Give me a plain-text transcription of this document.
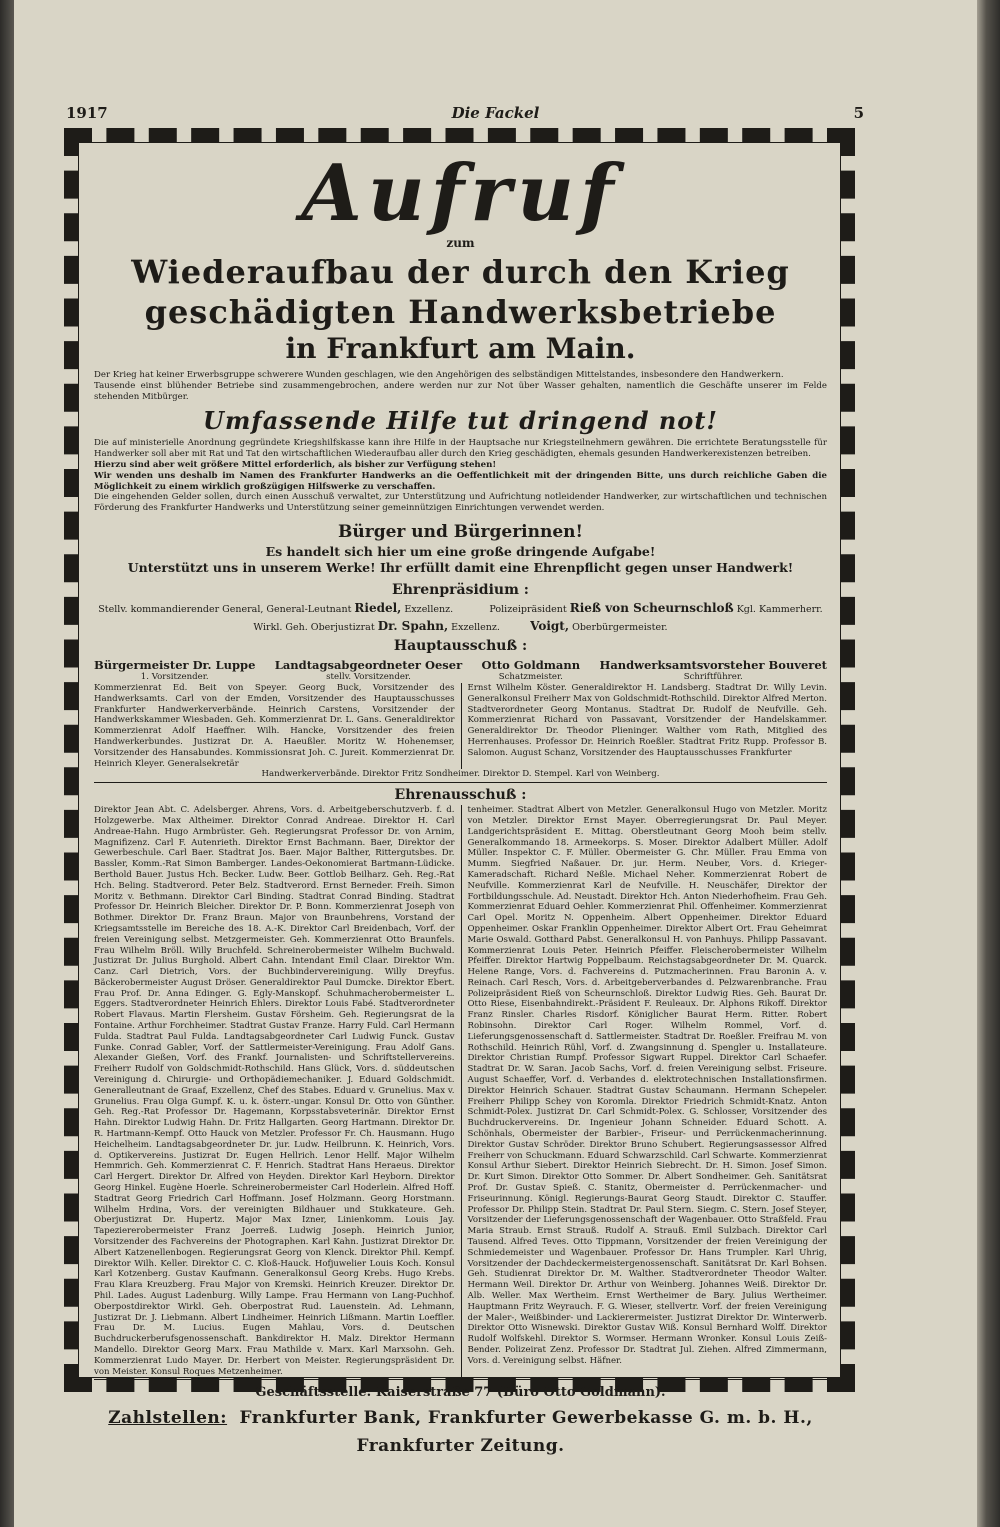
1917	Die Fackel	5
Aufruf
zum
Wiederaufbau der durch den Krieg
geschädigten Handwerksbetriebe
in Frankfurt am Main.

Der Krieg hat keiner Erwerbsgruppe schwerere Wunden geschlagen, wie den Angehörigen des selbständigen Mittelstandes, insbesondere den Handwerkern.

Tausende einst blühender Betriebe sind zusammengebrochen, andere werden nur zur Not über Wasser gehalten, namentlich die Geschäfte unserer im Felde stehenden Mitbürger.

Umfassende Hilfe tut dringend not!

Die auf ministerielle Anordnung gegründete Kriegshilfskasse kann ihre Hilfe in der Hauptsache nur Kriegsteilnehmern gewähren. Die errichtete Beratungsstelle für Handwerker soll aber mit Rat und Tat den wirtschaftlichen Wiederaufbau aller durch den Krieg geschädigten, ehemals gesunden Handwerkerexistenzen betreiben.

Hierzu sind aber weit größere Mittel erforderlich, als bisher zur Verfügung stehen!

Wir wenden uns deshalb im Namen des Frankfurter Handwerks an die Oeffentlichkeit mit der dringenden Bitte, uns durch reichliche Gaben die Möglichkeit zu einem wirklich großzügigen Hilfswerke zu verschaffen.

Die eingehenden Gelder sollen, durch einen Ausschuß verwaltet, zur Unterstützung und Aufrichtung notleidender Handwerker, zur wirtschaftlichen und technischen Förderung des Frankfurter Handwerks und Unterstützung seiner gemeinnützigen Einrichtungen verwendet werden.

Bürger und Bürgerinnen!
Es handelt sich hier um eine große dringende Aufgabe!
Unterstützt uns in unserem Werke! Ihr erfüllt damit eine Ehrenpflicht gegen unser Handwerk!
Ehrenpräsidium :
Stellv. kommandierender General, General-Leutnant Riedel, Exzellenz.	Polizeipräsident Rieß von Scheurnschloß Kgl. Kammerherr.
Wirkl. Geh. Oberjustizrat Dr. Spahn, Exzellenz.	Voigt, Oberbürgermeister.
Hauptausschuß :
Bürgermeister Dr. Luppe
1. Vorsitzender.
Landtagsabgeordneter Oeser
stellv. Vorsitzender.
Otto Goldmann
Schatzmeister.
Handwerksamtsvorsteher Bouveret
Schriftführer.

Kommerzienrat Ed. Beit von Speyer. Georg Buck, Vorsitzender des Handwerksamts. Carl von der Emden, Vorsitzender des Hauptausschusses Frankfurter Handwerkerverbände. Heinrich Carstens, Vorsitzender der Handwerkskammer Wiesbaden. Geh. Kommerzienrat Dr. L. Gans. Generaldirektor Kommerzienrat Adolf Haeffner. Wilh. Hancke, Vorsitzender des freien Handwerkerbundes. Justizrat Dr. A. Haeußler. Moritz W. Hohenemser, Vorsitzender des Hansabundes. Kommissionsrat Joh. C. Jureit. Kommerzienrat Dr. Heinrich Kleyer. Generalsekretär

Ernst Wilhelm Köster. Generaldirektor H. Landsberg. Stadtrat Dr. Willy Levin. Generalkonsul Freiherr Max von Goldschmidt-Rothschild. Direktor Alfred Merton. Stadtverordneter Georg Montanus. Stadtrat Dr. Rudolf de Neufville. Geh. Kommerzienrat Richard von Passavant, Vorsitzender der Handelskammer. Generaldirektor Dr. Theodor Plieninger. Walther vom Rath, Mitglied des Herrenhauses. Professor Dr. Heinrich Roeßler. Stadtrat Fritz Rupp. Professor B. Salomon. August Schanz, Vorsitzender des Hauptausschusses Frankfurter

Handwerkerverbände. Direktor Fritz Sondheimer. Direktor D. Stempel. Karl von Weinberg.
Ehrenausschuß :

Direktor Jean Abt. C. Adelsberger. Ahrens, Vors. d. Arbeitgeberschutzverb. f. d. Holzgewerbe. Max Altheimer. Direktor Conrad Andreae. Direktor H. Carl Andreae-Hahn. Hugo Armbrüster. Geh. Regierungsrat Professor Dr. von Arnim, Magnifizenz. Carl F. Autenrieth. Direktor Ernst Bachmann. Baer, Direktor der Gewerbeschule. Carl Baer. Stadtrat Jos. Baer. Major Balther, Rittergutsbes. Dr. Bassler, Komm.-Rat Simon Bamberger. Landes-Oekonomierat Bartmann-Lüdicke. Berthold Bauer. Justus Hch. Becker. Ludw. Beer. Gottlob Beilharz. Geh. Reg.-Rat Hch. Beling. Stadtverord. Peter Belz. Stadtverord. Ernst Berneder. Freih. Simon Moritz v. Bethmann. Direktor Carl Binding. Stadtrat Conrad Binding. Stadtrat Professor Dr. Heinrich Bleicher. Direktor Dr. P. Bonn. Kommerzienrat Joseph von Bothmer. Direktor Dr. Franz Braun. Major von Braunbehrens, Vorstand der Kriegsamtsstelle im Bereiche des 18. A.-K. Direktor Carl Breidenbach, Vorf. der freien Vereinigung selbst. Metzgermeister. Geh. Kommerzienrat Otto Braunfels. Frau Wilhelm Bröll. Willy Bruchfeld. Schreinerobermeister Wilhelm Buchwald. Justizrat Dr. Julius Burghold. Albert Cahn. Intendant Emil Claar. Direktor Wm. Canz. Carl Dietrich, Vors. der Buchbindervereinigung. Willy Dreyfus. Bäckerobermeister August Dröser. Generaldirektor Paul Dumcke. Direktor Ebert. Frau Prof. Dr. Anna Edinger. G. Egly-Manskopf. Schuhmacherobermeister L. Eggers. Stadtverordneter Heinrich Ehlers. Direktor Louis Fabé. Stadtverordneter Robert Flavaus. Martin Flersheim. Gustav Försheim. Geh. Regierungsrat de la Fontaine. Arthur Forchheimer. Stadtrat Gustav Franze. Harry Fuld. Carl Hermann Fulda. Stadtrat Paul Fulda. Landtagsabgeordneter Carl Ludwig Funck. Gustav Funke. Conrad Gabler, Vorf. der Sattlermeister-Vereinigung. Frau Adolf Gans. Alexander Gießen, Vorf. des Frankf. Journalisten- und Schriftstellervereins. Freiherr Rudolf von Goldschmidt-Rothschild. Hans Glück, Vors. d. süddeutschen Vereinigung d. Chirurgie- und Orthopädiemechaniker. J. Eduard Goldschmidt. Generalleutnant de Graaf, Exzellenz, Chef des Stabes. Eduard v. Grunelius. Max v. Grunelius. Frau Olga Gumpf. K. u. k. österr.-ungar. Konsul Dr. Otto von Günther. Geh. Reg.-Rat Professor Dr. Hagemann, Korpsstabsveterinär. Direktor Ernst Hahn. Direktor Ludwig Hahn. Dr. Fritz Hallgarten. Georg Hartmann. Direktor Dr. R. Hartmann-Kempf. Otto Hauck von Metzler. Professor Fr. Ch. Hausmann. Hugo Heichelheim. Landtagsabgeordneter Dr. jur. Ludw. Heilbrunn. K. Heinrich, Vors. d. Optikervereins. Justizrat Dr. Eugen Hellrich. Lenor Hellf. Major Wilhelm Hemmrich. Geh. Kommerzienrat C. F. Henrich. Stadtrat Hans Heraeus. Direktor Carl Hergert. Direktor Dr. Alfred von Heyden. Direktor Karl Heyborn. Direktor Georg Hinkel. Eugène Hoerle. Schreinerobermeister Carl Hoderlein. Alfred Hoff. Stadtrat Georg Friedrich Carl Hoffmann. Josef Holzmann. Georg Horstmann. Wilhelm Hrdina, Vors. der vereinigten Bildhauer und Stukkateure. Geh. Oberjustizrat Dr. Hupertz. Major Max Izner, Linienkomm. Louis Jay. Tapeziererobermeister Franz Joerreß. Ludwig Joseph. Heinrich Junior, Vorsitzender des Fachvereins der Photographen. Karl Kahn. Justizrat Direktor Dr. Albert Katzenellenbogen. Regierungsrat Georg von Klenck. Direktor Phil. Kempf. Direktor Wilh. Keller. Direktor C. C. Kloß-Hauck. Hofjuwelier Louis Koch. Konsul Karl Kotzenberg. Gustav Kaufmann. Generalkonsul Georg Krebs. Hugo Krebs. Frau Klara Kreuzberg. Frau Major von Kremski. Heinrich Kreuzer. Direktor Dr. Phil. Lades. August Ladenburg. Willy Lampe. Frau Hermann von Lang-Puchhof. Oberpostdirektor Wirkl. Geh. Oberpostrat Rud. Lauenstein. Ad. Lehmann, Justizrat Dr. J. Liebmann. Albert Lindheimer. Heinrich Lißmann. Martin Loeffler. Frau Dr. M. Lucius. Eugen Mahlau, Vors. d. Deutschen Buchdruckerberufsgenossenschaft. Bankdirektor H. Malz. Direktor Hermann Mandello. Direktor Georg Marx. Frau Mathilde v. Marx. Karl Marxsohn. Geh. Kommerzienrat Ludo Mayer. Dr. Herbert von Meister. Regierungspräsident Dr. von Meister. Konsul Roques Metzenheimer.

tenheimer. Stadtrat Albert von Metzler. Generalkonsul Hugo von Metzler. Moritz von Metzler. Direktor Ernst Mayer. Oberregierungsrat Dr. Paul Meyer. Landgerichtspräsident E. Mittag. Oberstleutnant Georg Mooh beim stellv. Generalkommando 18. Armeekorps. S. Moser. Direktor Adalbert Müller. Adolf Müller. Inspektor C. F. Müller. Obermeister G. Chr. Müller. Frau Emma von Mumm. Siegfried Naßauer. Dr. jur. Herm. Neuber, Vors. d. Krieger-Kameradschaft. Richard Neßle. Michael Neher. Kommerzienrat Robert de Neufville. Kommerzienrat Karl de Neufville. H. Neuschäfer, Direktor der Fortbildungsschule. Ad. Neustadt. Direktor Hch. Anton Niederhofheim. Frau Geh. Kommerzienrat Eduard Oehler. Kommerzienrat Phil. Offenheimer. Kommerzienrat Carl Opel. Moritz N. Oppenheim. Albert Oppenheimer. Direktor Eduard Oppenheimer. Oskar Franklin Oppenheimer. Direktor Albert Ort. Frau Geheimrat Marie Oswald. Gotthard Pabst. Generalkonsul H. von Panhuys. Philipp Passavant. Kommerzienrat Louis Peter. Heinrich Pfeiffer. Fleischerobermeister Wilhelm Pfeiffer. Direktor Hartwig Poppelbaum. Reichstagsabgeordneter Dr. M. Quarck. Helene Range, Vors. d. Fachvereins d. Putzmacherinnen. Frau Baronin A. v. Reinach. Carl Resch, Vors. d. Arbeitgeberverbandes d. Pelzwarenbranche. Frau Polizeipräsident Rieß von Scheurnschloß. Direktor Ludwig Ries. Geh. Baurat Dr. Otto Riese, Eisenbahndirekt.-Präsident F. Reuleaux. Dr. Alphons Rikoff. Direktor Franz Rinsler. Charles Risdorf. Königlicher Baurat Herm. Ritter. Robert Robinsohn. Direktor Carl Roger. Wilhelm Rommel, Vorf. d. Lieferungsgenossenschaft d. Sattlermeister. Stadtrat Dr. Roeßler. Freifrau M. von Rothschild. Heinrich Rühl, Vorf. d. Zwangsinnung d. Spengler u. Installateure. Direktor Christian Rumpf. Professor Sigwart Ruppel. Direktor Carl Schaefer. Stadtrat Dr. W. Saran. Jacob Sachs, Vorf. d. freien Vereinigung selbst. Friseure. August Schaeffer, Vorf. d. Verbandes d. elektrotechnischen Installationsfirmen. Direktor Heinrich Schauer. Stadtrat Gustav Schaumann. Hermann Schepeler. Freiherr Philipp Schey von Koromla. Direktor Friedrich Schmidt-Knatz. Anton Schmidt-Polex. Justizrat Dr. Carl Schmidt-Polex. G. Schlosser, Vorsitzender des Buchdruckervereins. Dr. Ingenieur Johann Schneider. Eduard Schott. A. Schönhals, Obermeister der Barbier-, Friseur- und Perrückenmacherinnung. Direktor Gustav Schröder. Direktor Bruno Schubert. Regierungsassessor Alfred Freiherr von Schuckmann. Eduard Schwarzschild. Carl Schwarte. Kommerzienrat Konsul Arthur Siebert. Direktor Heinrich Siebrecht. Dr. H. Simon. Josef Simon. Dr. Kurt Simon. Direktor Otto Sommer. Dr. Albert Sondheimer. Geh. Sanitätsrat Prof. Dr. Gustav Spieß. C. Stanitz, Obermeister d. Perrückenmacher- und Friseurinnung. Königl. Regierungs-Baurat Georg Staudt. Direktor C. Stauffer. Professor Dr. Philipp Stein. Stadtrat Dr. Paul Stern. Siegm. C. Stern. Josef Steyer, Vorsitzender der Lieferungsgenossenschaft der Wagenbauer. Otto Straßfeld. Frau Maria Straub. Ernst Strauß. Rudolf A. Strauß. Emil Sulzbach. Direktor Carl Tausend. Alfred Teves. Otto Tippmann, Vorsitzender der freien Vereinigung der Schmiedemeister und Wagenbauer. Professor Dr. Hans Trumpler. Karl Uhrig, Vorsitzender der Dachdeckermeistergenossenschaft. Sanitätsrat Dr. Karl Bohsen. Geh. Studienrat Direktor Dr. M. Walther. Stadtverordneter Theodor Walter. Hermann Weil. Direktor Dr. Arthur von Weinberg. Johannes Weiß. Direktor Dr. Alb. Weller. Max Wertheim. Ernst Wertheimer de Bary. Julius Wertheimer. Hauptmann Fritz Weyrauch. F. G. Wieser, stellvertr. Vorf. der freien Vereinigung der Maler-, Weißbinder- und Lackierermeister. Justizrat Direktor Dr. Winterwerb. Direktor Otto Wisnewski. Direktor Gustav Wiß. Konsul Bernhard Wolff. Direktor Rudolf Wolfskehl. Direktor S. Wormser. Hermann Wronker. Konsul Louis Zeiß-Bender. Polizeirat Zenz. Professor Dr. Stadtrat Jul. Ziehen. Alfred Zimmermann, Vors. d. Vereinigung selbst. Häfner.

Geschäftsstelle: Kaiserstraße 77 (Büro Otto Goldmann).
Zahlstellen: Frankfurter Bank, Frankfurter Gewerbekasse G. m. b. H., Frankfurter Zeitung.
